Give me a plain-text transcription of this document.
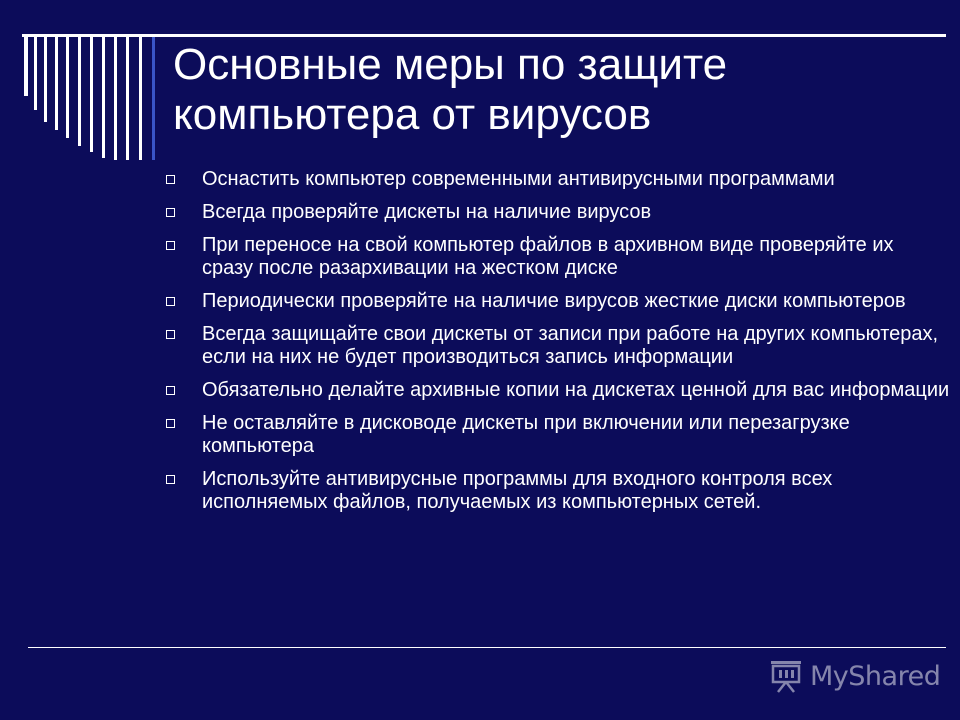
Основные меры по защите
компьютера от вирусов
Оснастить компьютер современными антивирусными программами
Всегда проверяйте дискеты на наличие вирусов
При переносе на свой компьютер файлов в архивном виде проверяйте их сразу после разархивации на жестком диске
Периодически проверяйте на наличие вирусов жесткие диски компьютеров
Всегда защищайте свои дискеты от записи при работе на других компьютерах, если на них не будет производиться запись информации
Обязательно делайте архивные копии на дискетах ценной для вас информации
Не оставляйте в дисководе дискеты при включении или перезагрузке компьютера
Используйте антивирусные программы для входного контроля всех исполняемых файлов, получаемых из компьютерных сетей.
MyShared
